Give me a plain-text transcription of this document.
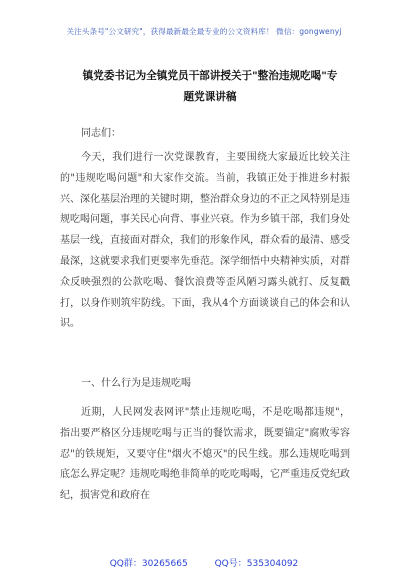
关注头条号"公文研究"，获得最新最全最专业的公文资料库！ 微信：gongwenyj
镇党委书记为全镇党员干部讲授关于"整治违规吃喝"专
题党课讲稿
同志们：

今天，我们进行一次党课教育，主要围绕大家最近比较关注的"违规吃喝问题"和大家作交流。当前，我镇正处于推进乡村振兴、深化基层治理的关键时期，整治群众身边的不正之风特别是违规吃喝问题，事关民心向背、事业兴衰。作为乡镇干部，我们身处基层一线，直接面对群众，我们的形象作风，群众看的最清、感受最深，这就要求我们更要率先垂范。深学细悟中央精神实质，对群众反映强烈的公款吃喝、餐饮浪费等歪风陋习露头就打、反复戳打，以身作则筑牢防线。下面，我从4个方面谈谈自己的体会和认识。

一、什么行为是违规吃喝

近期，人民网发表网评"禁止违规吃喝，不是吃喝都违规"，指出要严格区分违规吃喝与正当的餐饮需求，既要锚定"腐败零容忍"的铁规矩，又要守住"烟火不熄灭"的民生线。那么违规吃喝到底怎么界定呢？违规吃喝绝非简单的吃吃喝喝，它严重违反党纪政纪，损害党和政府在

QQ群：30265665	QQ号：535304092
